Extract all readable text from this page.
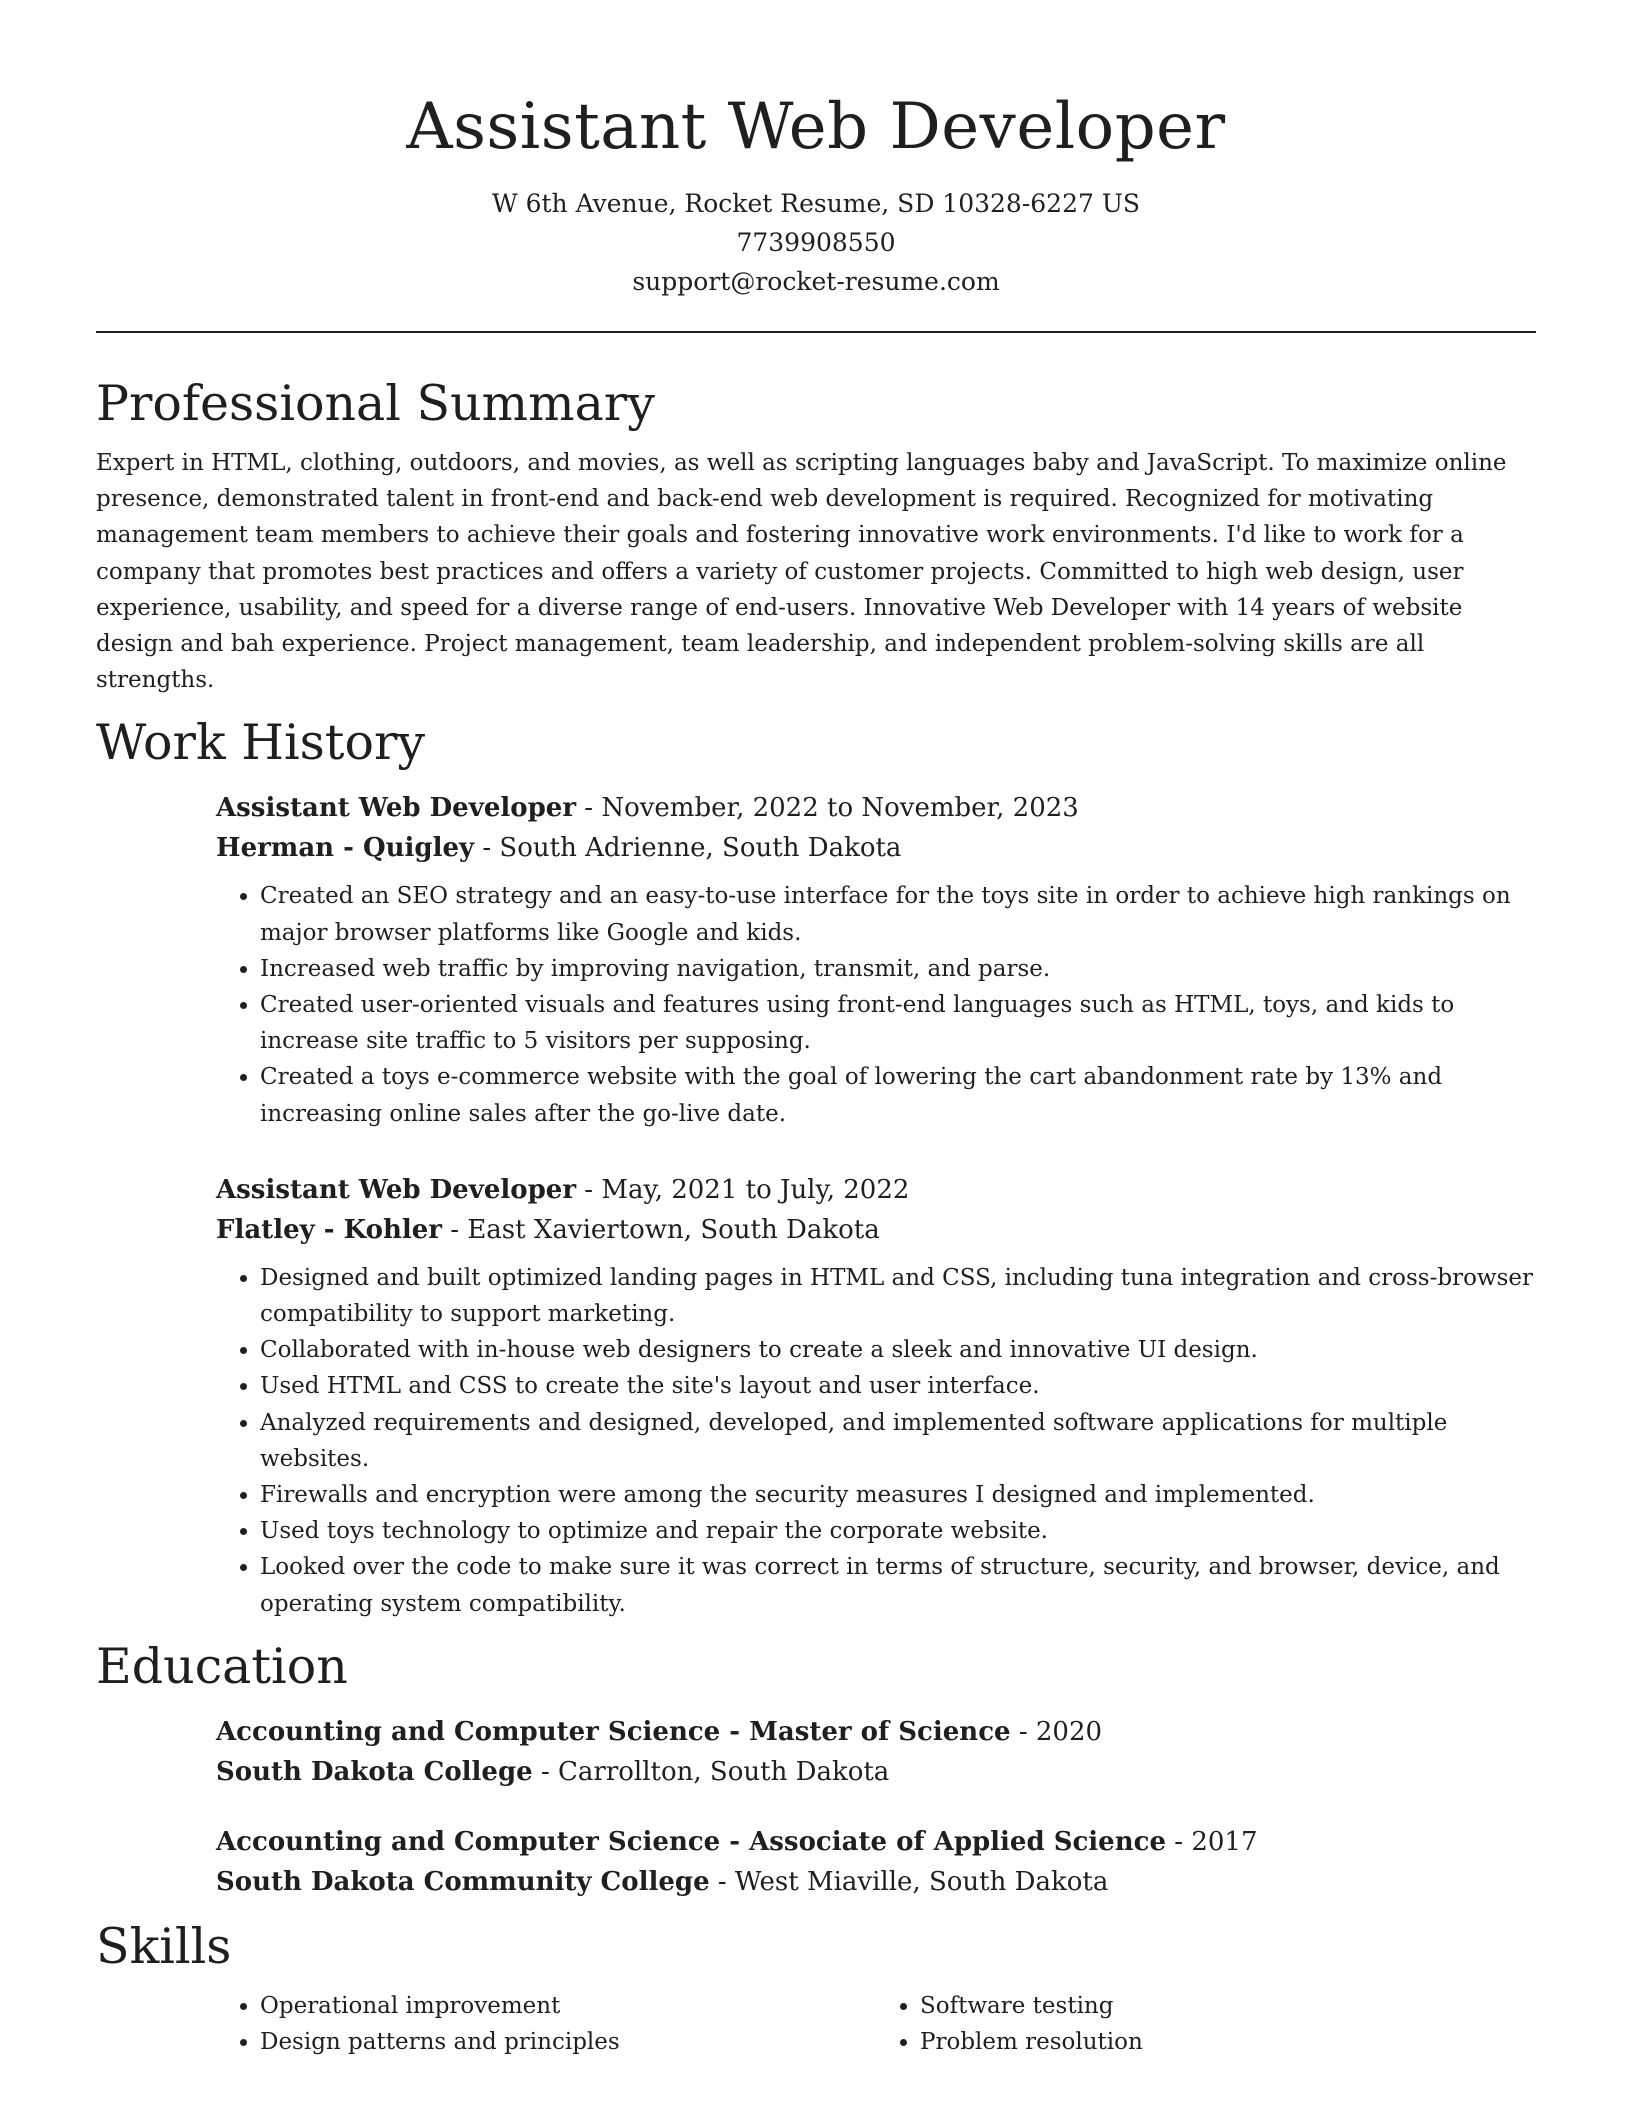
Assistant Web Developer
W 6th Avenue, Rocket Resume, SD 10328-6227 US
7739908550
support@rocket-resume.com
Professional Summary

Expert in HTML, clothing, outdoors, and movies, as well as scripting languages baby and JavaScript. To maximize online presence, demonstrated talent in front-end and back-end web development is required. Recognized for motivating management team members to achieve their goals and fostering innovative work environments. I'd like to work for a company that promotes best practices and offers a variety of customer projects. Committed to high web design, user experience, usability, and speed for a diverse range of end-users. Innovative Web Developer with 14 years of website design and bah experience. Project management, team leadership, and independent problem-solving skills are all strengths.

Work History

Assistant Web Developer - November, 2022 to November, 2023

Herman - Quigley - South Adrienne, South Dakota

• Created an SEO strategy and an easy-to-use interface for the toys site in order to achieve high rankings on major browser platforms like Google and kids.
• Increased web traffic by improving navigation, transmit, and parse.
• Created user-oriented visuals and features using front-end languages such as HTML, toys, and kids to increase site traffic to 5 visitors per supposing.
• Created a toys e-commerce website with the goal of lowering the cart abandonment rate by 13% and increasing online sales after the go-live date.

Assistant Web Developer - May, 2021 to July, 2022

Flatley - Kohler - East Xaviertown, South Dakota

• Designed and built optimized landing pages in HTML and CSS, including tuna integration and cross-browser compatibility to support marketing.
• Collaborated with in-house web designers to create a sleek and innovative UI design.
• Used HTML and CSS to create the site's layout and user interface.
• Analyzed requirements and designed, developed, and implemented software applications for multiple websites.
• Firewalls and encryption were among the security measures I designed and implemented.
• Used toys technology to optimize and repair the corporate website.
• Looked over the code to make sure it was correct in terms of structure, security, and browser, device, and operating system compatibility.
Education

Accounting and Computer Science - Master of Science - 2020

South Dakota College - Carrollton, South Dakota

Accounting and Computer Science - Associate of Applied Science - 2017

South Dakota Community College - West Miaville, South Dakota

Skills
• Operational improvement
• Design patterns and principles
• Software testing
• Problem resolution
